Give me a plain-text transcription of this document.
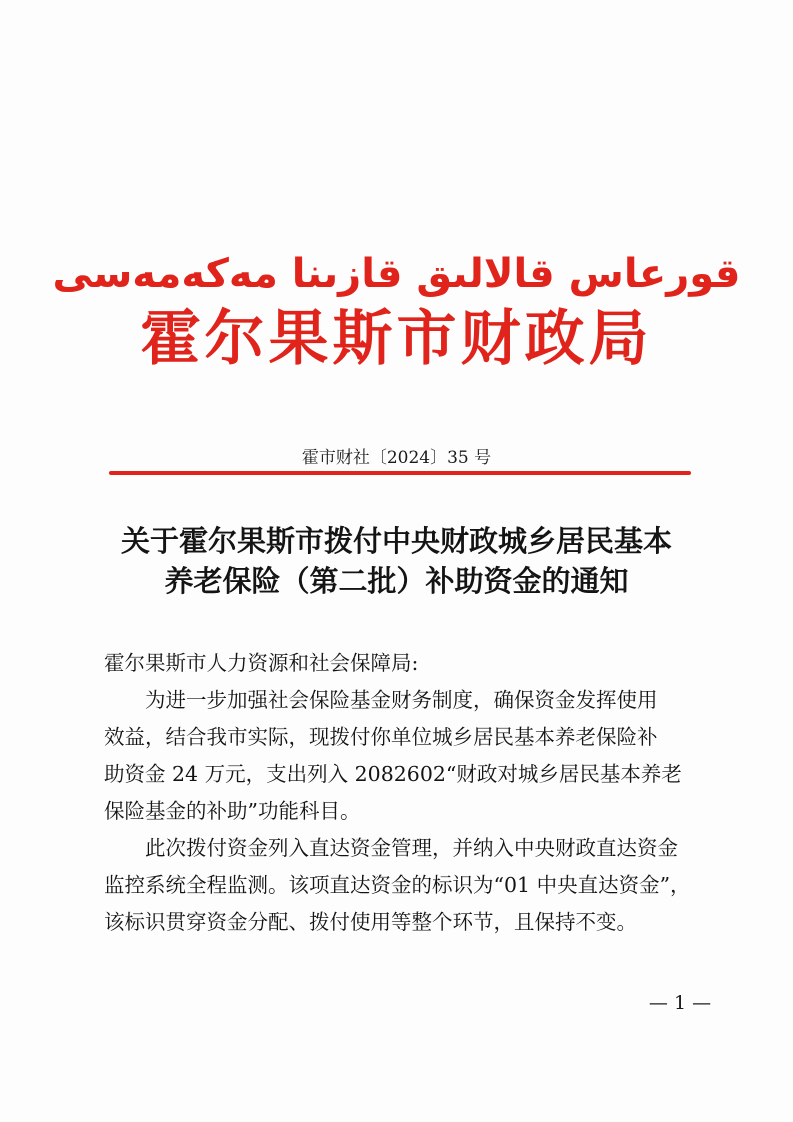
قورعاس قالالىق قازىنا مەكەمەسى
霍尔果斯市财政局
霍市财社〔2024〕35 号
关于霍尔果斯市拨付中央财政城乡居民基本
养老保险（第二批）补助资金的通知
霍尔果斯市人力资源和社会保障局:
为进一步加强社会保险基金财务制度，确保资金发挥使用
效益，结合我市实际，现拨付你单位城乡居民基本养老保险补
助资金 24 万元，支出列入 2082602“财政对城乡居民基本养老
保险基金的补助”功能科目。
此次拨付资金列入直达资金管理，并纳入中央财政直达资金
监控系统全程监测。该项直达资金的标识为“01 中央直达资金”，
该标识贯穿资金分配、拨付使用等整个环节，且保持不变。
— 1 —
